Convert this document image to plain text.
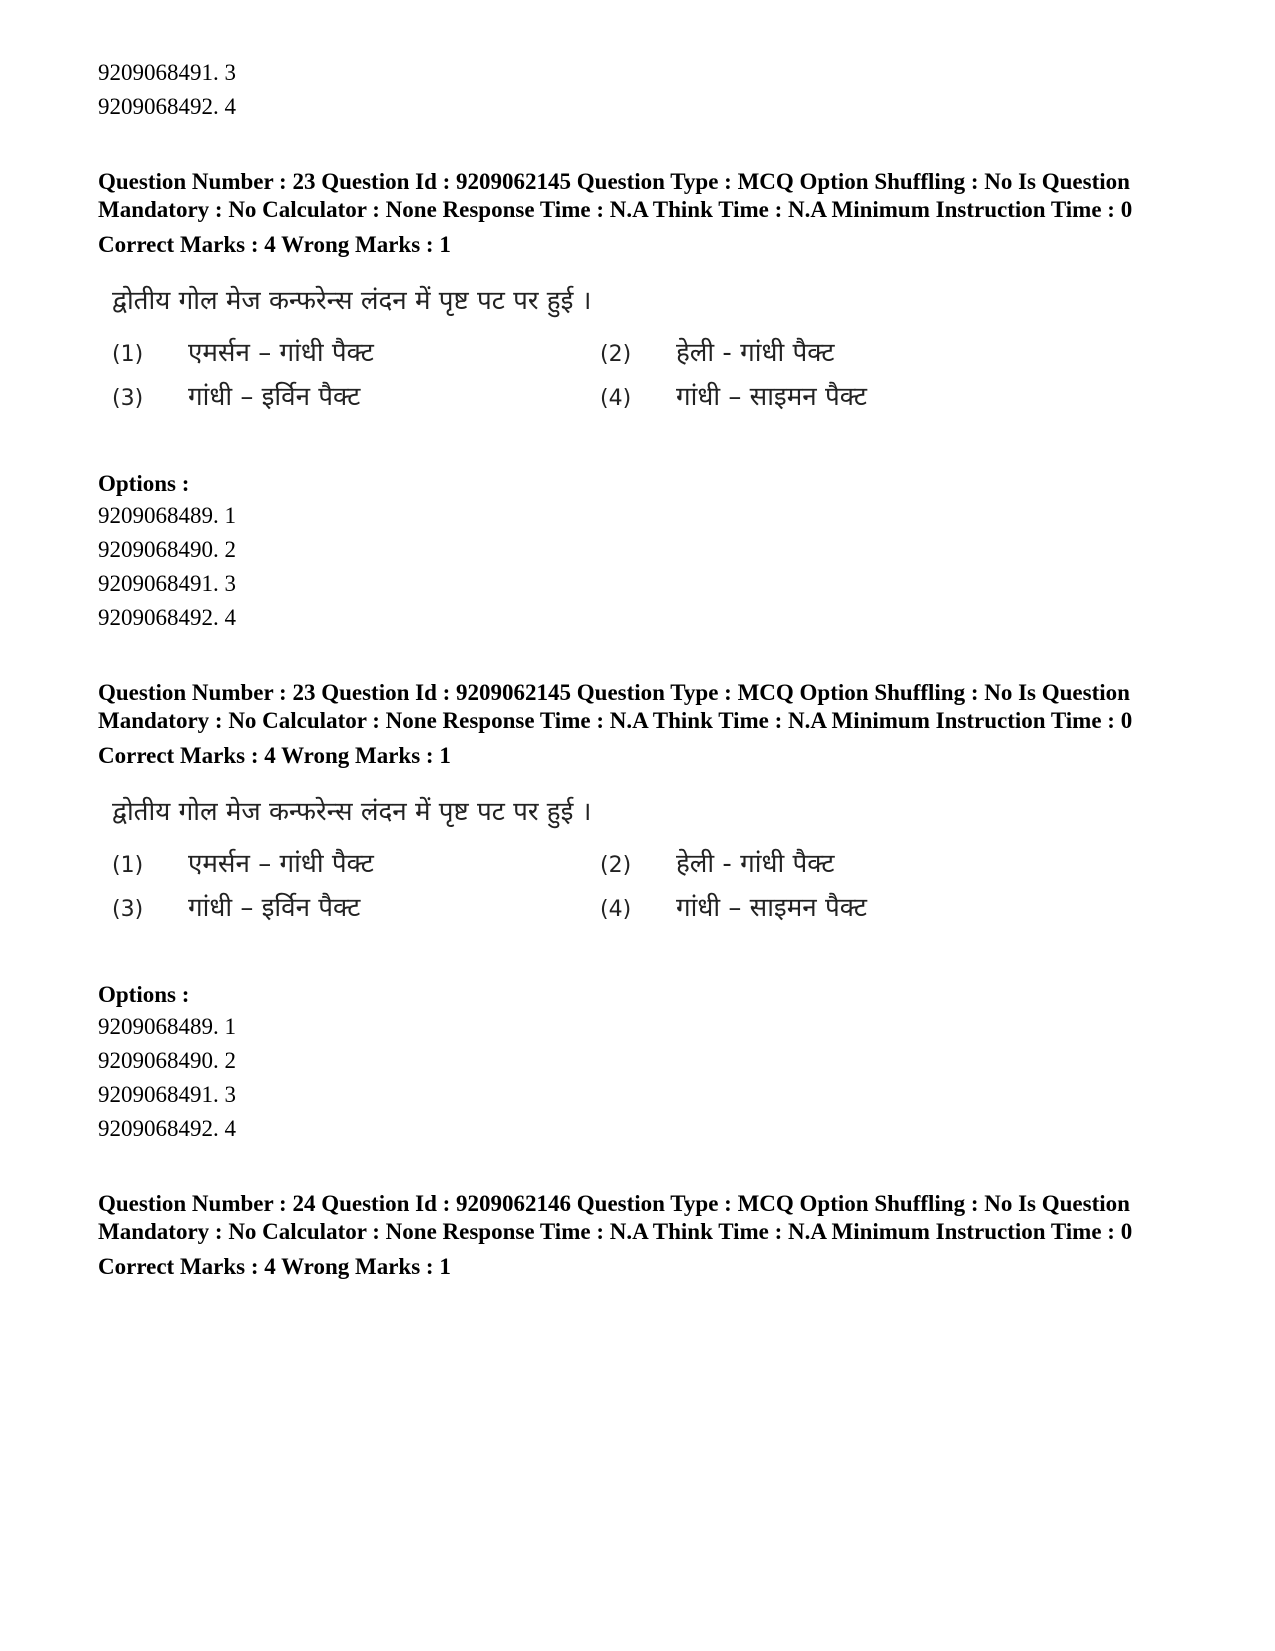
9209068491. 3
9209068492. 4
Question Number : 23 Question Id : 9209062145 Question Type : MCQ Option Shuffling : No Is Question Mandatory : No Calculator : None Response Time : N.A Think Time : N.A Minimum Instruction Time : 0
Correct Marks : 4 Wrong Marks : 1
द्वोतीय गोल मेज कन्फरेन्स लंदन में पृष्ट पट पर हुई ।
(1) एमर्सन – गांधी पैक्ट	(2) हेली - गांधी पैक्ट
(3) गांधी – इर्विन पैक्ट	(4) गांधी – साइमन पैक्ट
Options :
9209068489. 1
9209068490. 2
9209068491. 3
9209068492. 4
Question Number : 23 Question Id : 9209062145 Question Type : MCQ Option Shuffling : No Is Question Mandatory : No Calculator : None Response Time : N.A Think Time : N.A Minimum Instruction Time : 0
Correct Marks : 4 Wrong Marks : 1
द्वोतीय गोल मेज कन्फरेन्स लंदन में पृष्ट पट पर हुई ।
(1) एमर्सन – गांधी पैक्ट	(2) हेली - गांधी पैक्ट
(3) गांधी – इर्विन पैक्ट	(4) गांधी – साइमन पैक्ट
Options :
9209068489. 1
9209068490. 2
9209068491. 3
9209068492. 4
Question Number : 24 Question Id : 9209062146 Question Type : MCQ Option Shuffling : No Is Question Mandatory : No Calculator : None Response Time : N.A Think Time : N.A Minimum Instruction Time : 0
Correct Marks : 4 Wrong Marks : 1
